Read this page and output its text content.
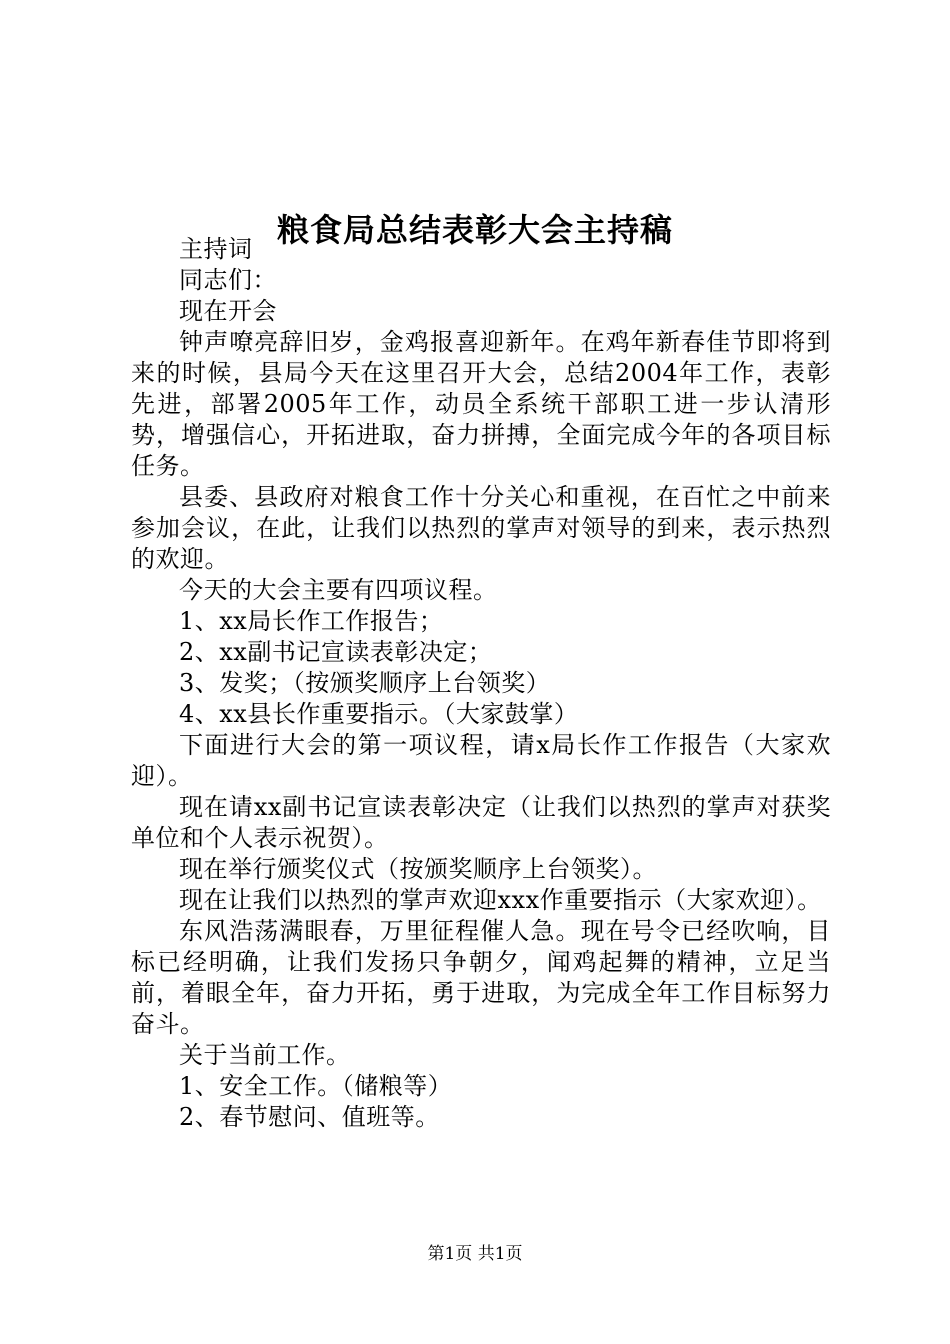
粮食局总结表彰大会主持稿

主持词

同志们：

现在开会

钟声嘹亮辞旧岁，金鸡报喜迎新年。在鸡年新春佳节即将到来的时候，县局今天在这里召开大会，总结2004年工作，表彰先进，部署2005年工作，动员全系统干部职工进一步认清形势，增强信心，开拓进取，奋力拼搏，全面完成今年的各项目标任务。

县委、县政府对粮食工作十分关心和重视，在百忙之中前来参加会议，在此，让我们以热烈的掌声对领导的到来，表示热烈的欢迎。

今天的大会主要有四项议程。

1、xx局长作工作报告；

2、xx副书记宣读表彰决定；

3、发奖；（按颁奖顺序上台领奖）

4、xx县长作重要指示。（大家鼓掌）

下面进行大会的第一项议程，请x局长作工作报告（大家欢迎）。

现在请xx副书记宣读表彰决定（让我们以热烈的掌声对获奖单位和个人表示祝贺）。

现在举行颁奖仪式（按颁奖顺序上台领奖）。

现在让我们以热烈的掌声欢迎xxx作重要指示（大家欢迎）。

东风浩荡满眼春，万里征程催人急。现在号令已经吹响，目标已经明确，让我们发扬只争朝夕，闻鸡起舞的精神，立足当前，着眼全年，奋力开拓，勇于进取，为完成全年工作目标努力奋斗。

关于当前工作。

1、安全工作。（储粮等）

2、春节慰问、值班等。

第1页 共1页
